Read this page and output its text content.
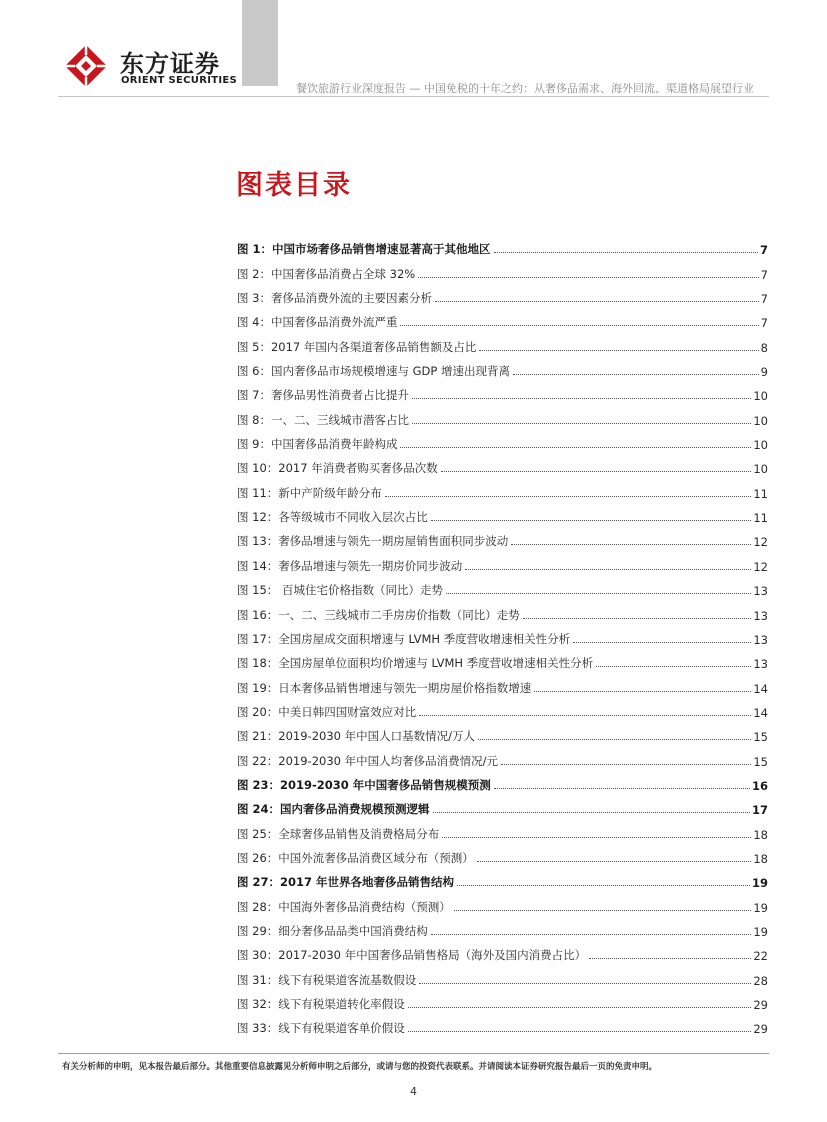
东方证券
ORIENT SECURITIES
餐饮旅游行业深度报告 — 中国免税的十年之约：从奢侈品需求、海外回流、渠道格局展望行业
图表目录
图 1：中国市场奢侈品销售增速显著高于其他地区	7
图 2：中国奢侈品消费占全球 32%	7
图 3：奢侈品消费外流的主要因素分析	7
图 4：中国奢侈品消费外流严重	7
图 5：2017 年国内各渠道奢侈品销售额及占比	8
图 6：国内奢侈品市场规模增速与 GDP 增速出现背离	9
图 7：奢侈品男性消费者占比提升	10
图 8：一、二、三线城市潜客占比	10
图 9：中国奢侈品消费年龄构成	10
图 10：2017 年消费者购买奢侈品次数	10
图 11：新中产阶级年龄分布	11
图 12：各等级城市不同收入层次占比	11
图 13：奢侈品增速与领先一期房屋销售面积同步波动	12
图 14：奢侈品增速与领先一期房价同步波动	12
图 15： 百城住宅价格指数（同比）走势	13
图 16：一、二、三线城市二手房房价指数（同比）走势	13
图 17：全国房屋成交面积增速与 LVMH 季度营收增速相关性分析	13
图 18：全国房屋单位面积均价增速与 LVMH 季度营收增速相关性分析	13
图 19：日本奢侈品销售增速与领先一期房屋价格指数增速	14
图 20：中美日韩四国财富效应对比	14
图 21：2019-2030 年中国人口基数情况/万人	15
图 22：2019-2030 年中国人均奢侈品消费情况/元	15
图 23：2019-2030 年中国奢侈品销售规模预测	16
图 24：国内奢侈品消费规模预测逻辑	17
图 25：全球奢侈品销售及消费格局分布	18
图 26：中国外流奢侈品消费区域分布（预测）	18
图 27：2017 年世界各地奢侈品销售结构	19
图 28：中国海外奢侈品消费结构（预测）	19
图 29：细分奢侈品品类中国消费结构	19
图 30：2017-2030 年中国奢侈品销售格局（海外及国内消费占比）	22
图 31：线下有税渠道客流基数假设	28
图 32：线下有税渠道转化率假设	29
图 33：线下有税渠道客单价假设	29
有关分析师的申明，见本报告最后部分。其他重要信息披露见分析师申明之后部分，或请与您的投资代表联系。并请阅读本证券研究报告最后一页的免责申明。
4
